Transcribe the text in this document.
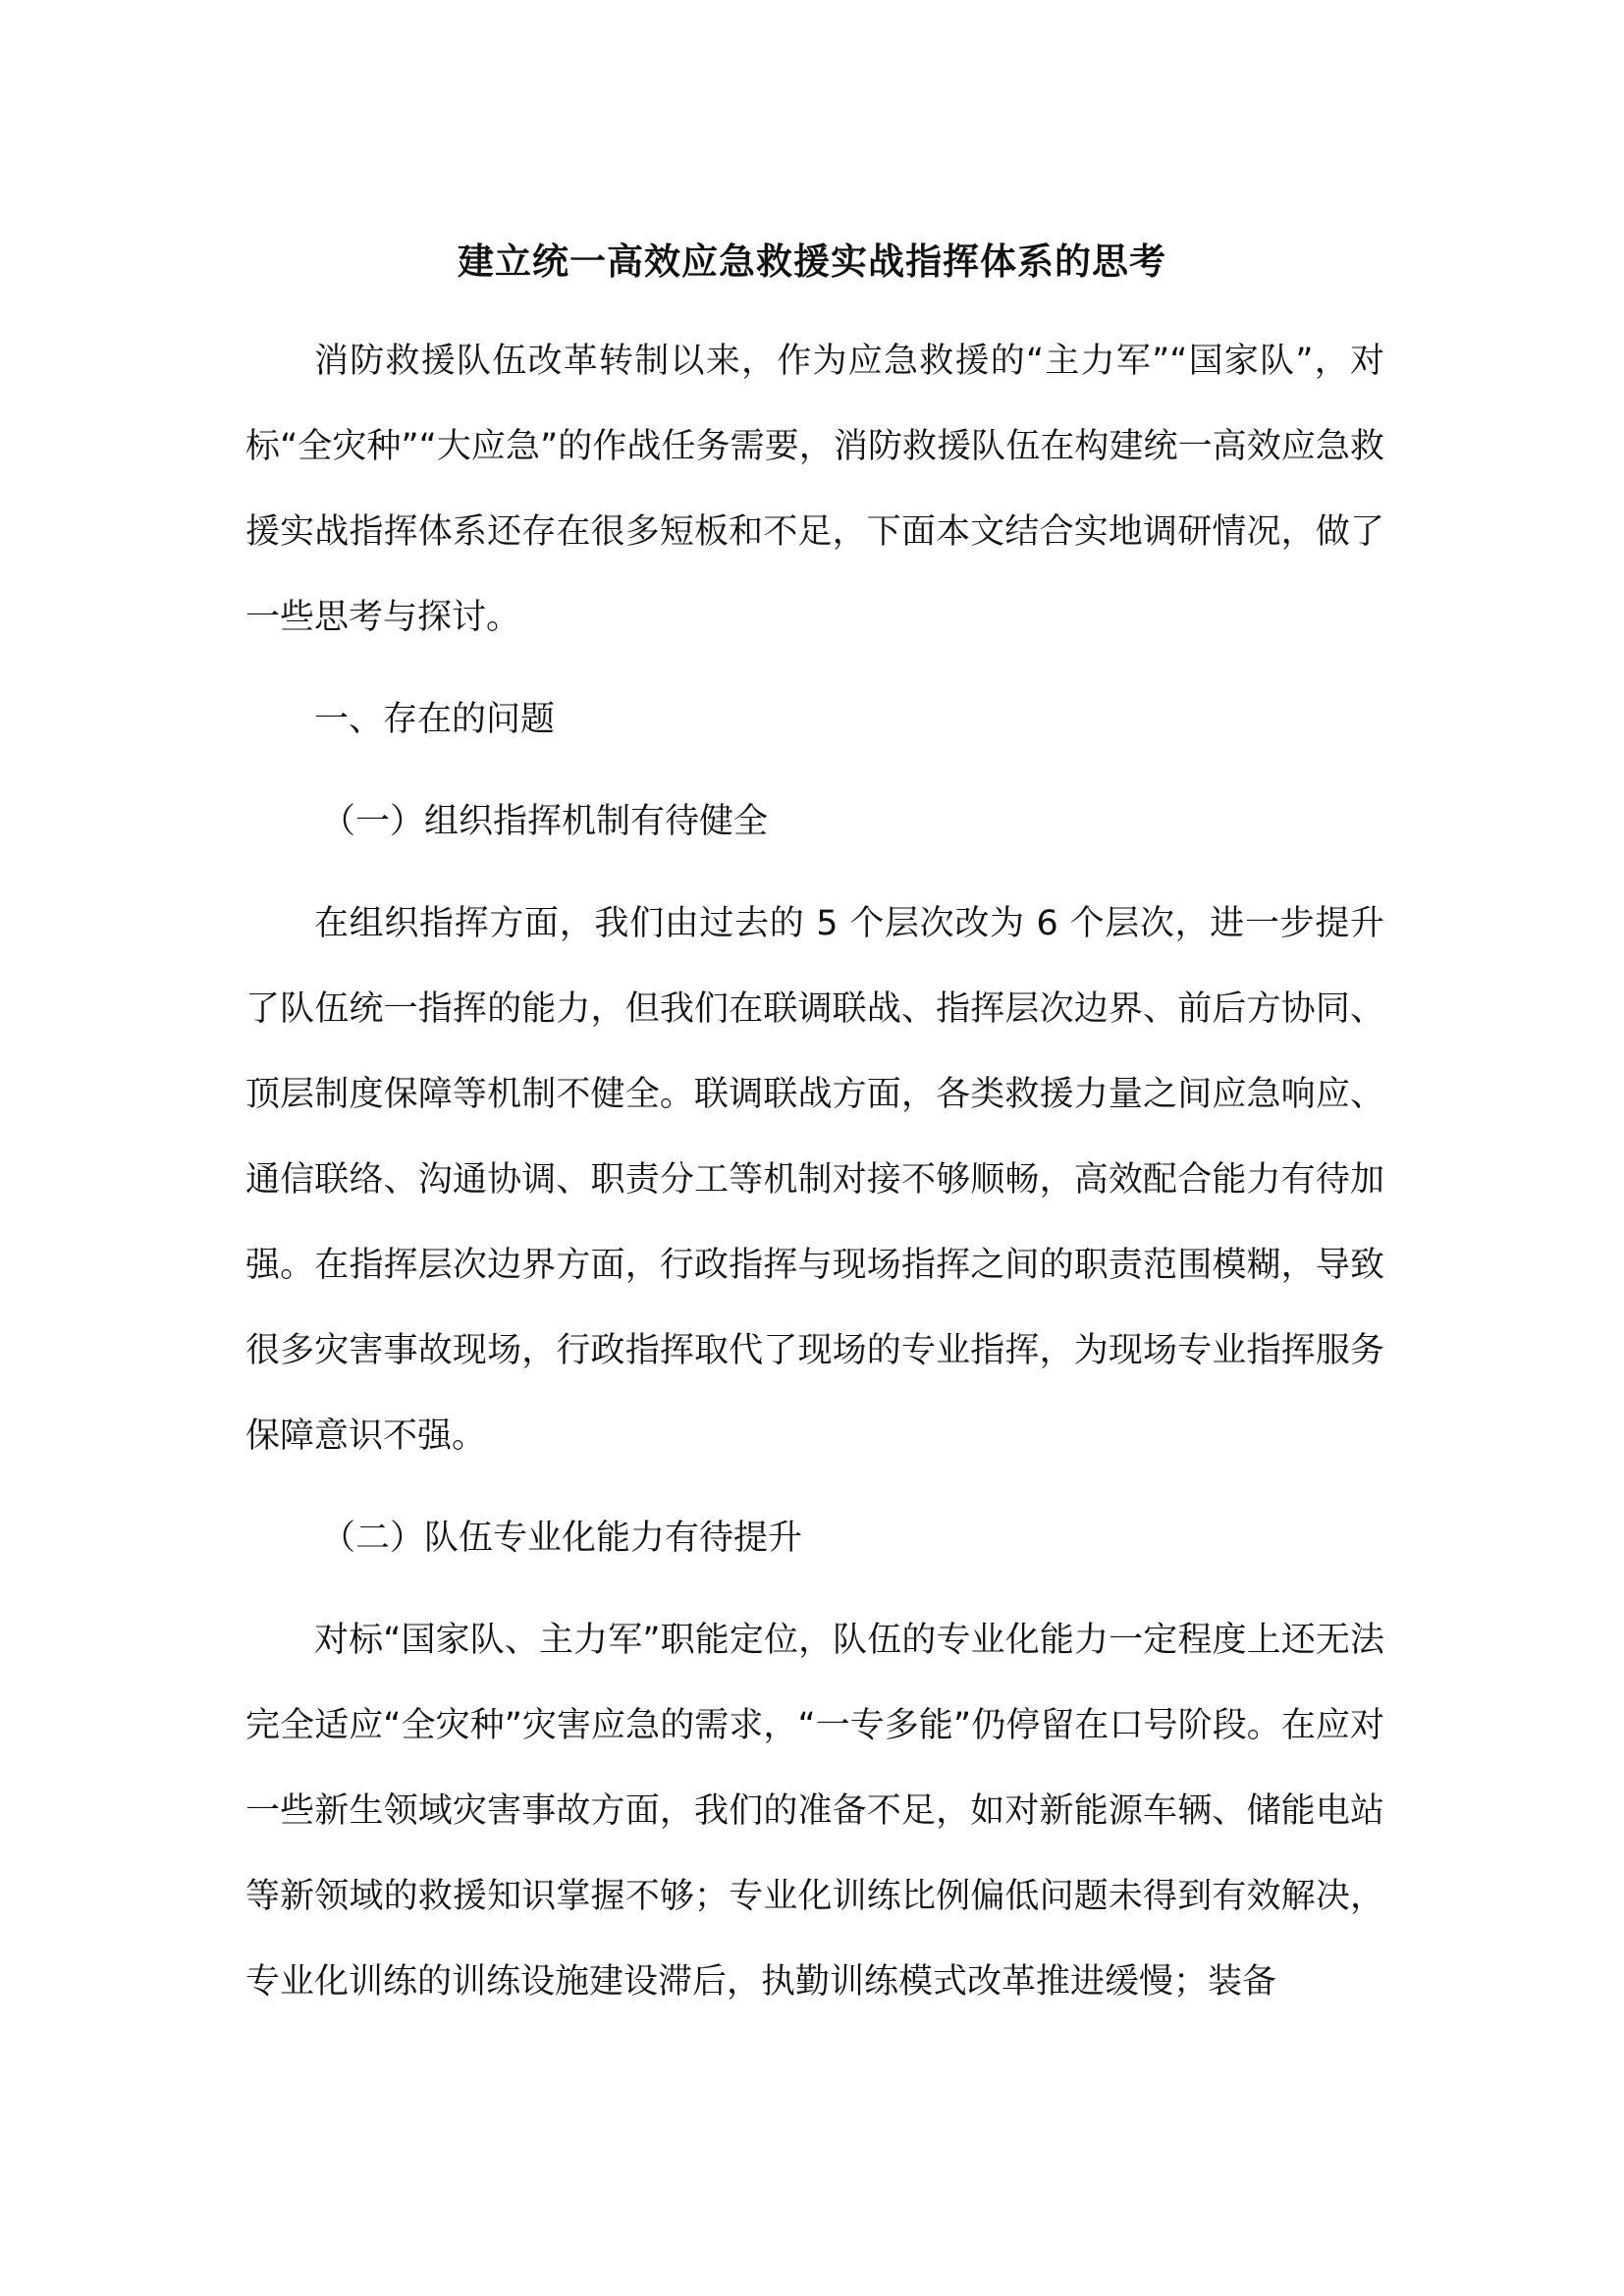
建立统一高效应急救援实战指挥体系的思考

消防救援队伍改革转制以来，作为应急救援的“主力军”“国家队”，对标“全灾种”“大应急”的作战任务需要，消防救援队伍在构建统一高效应急救援实战指挥体系还存在很多短板和不足，下面本文结合实地调研情况，做了一些思考与探讨。

一、存在的问题

（一）组织指挥机制有待健全

在组织指挥方面，我们由过去的 5 个层次改为 6 个层次，进一步提升了队伍统一指挥的能力，但我们在联调联战、指挥层次边界、前后方协同、顶层制度保障等机制不健全。联调联战方面，各类救援力量之间应急响应、通信联络、沟通协调、职责分工等机制对接不够顺畅，高效配合能力有待加强。在指挥层次边界方面，行政指挥与现场指挥之间的职责范围模糊，导致很多灾害事故现场，行政指挥取代了现场的专业指挥，为现场专业指挥服务保障意识不强。

（二）队伍专业化能力有待提升

对标“国家队、主力军”职能定位，队伍的专业化能力一定程度上还无法完全适应“全灾种”灾害应急的需求，“一专多能”仍停留在口号阶段。在应对一些新生领域灾害事故方面，我们的准备不足，如对新能源车辆、储能电站等新领域的救援知识掌握不够；专业化训练比例偏低问题未得到有效解决，专业化训练的训练设施建设滞后，执勤训练模式改革推进缓慢；装备
